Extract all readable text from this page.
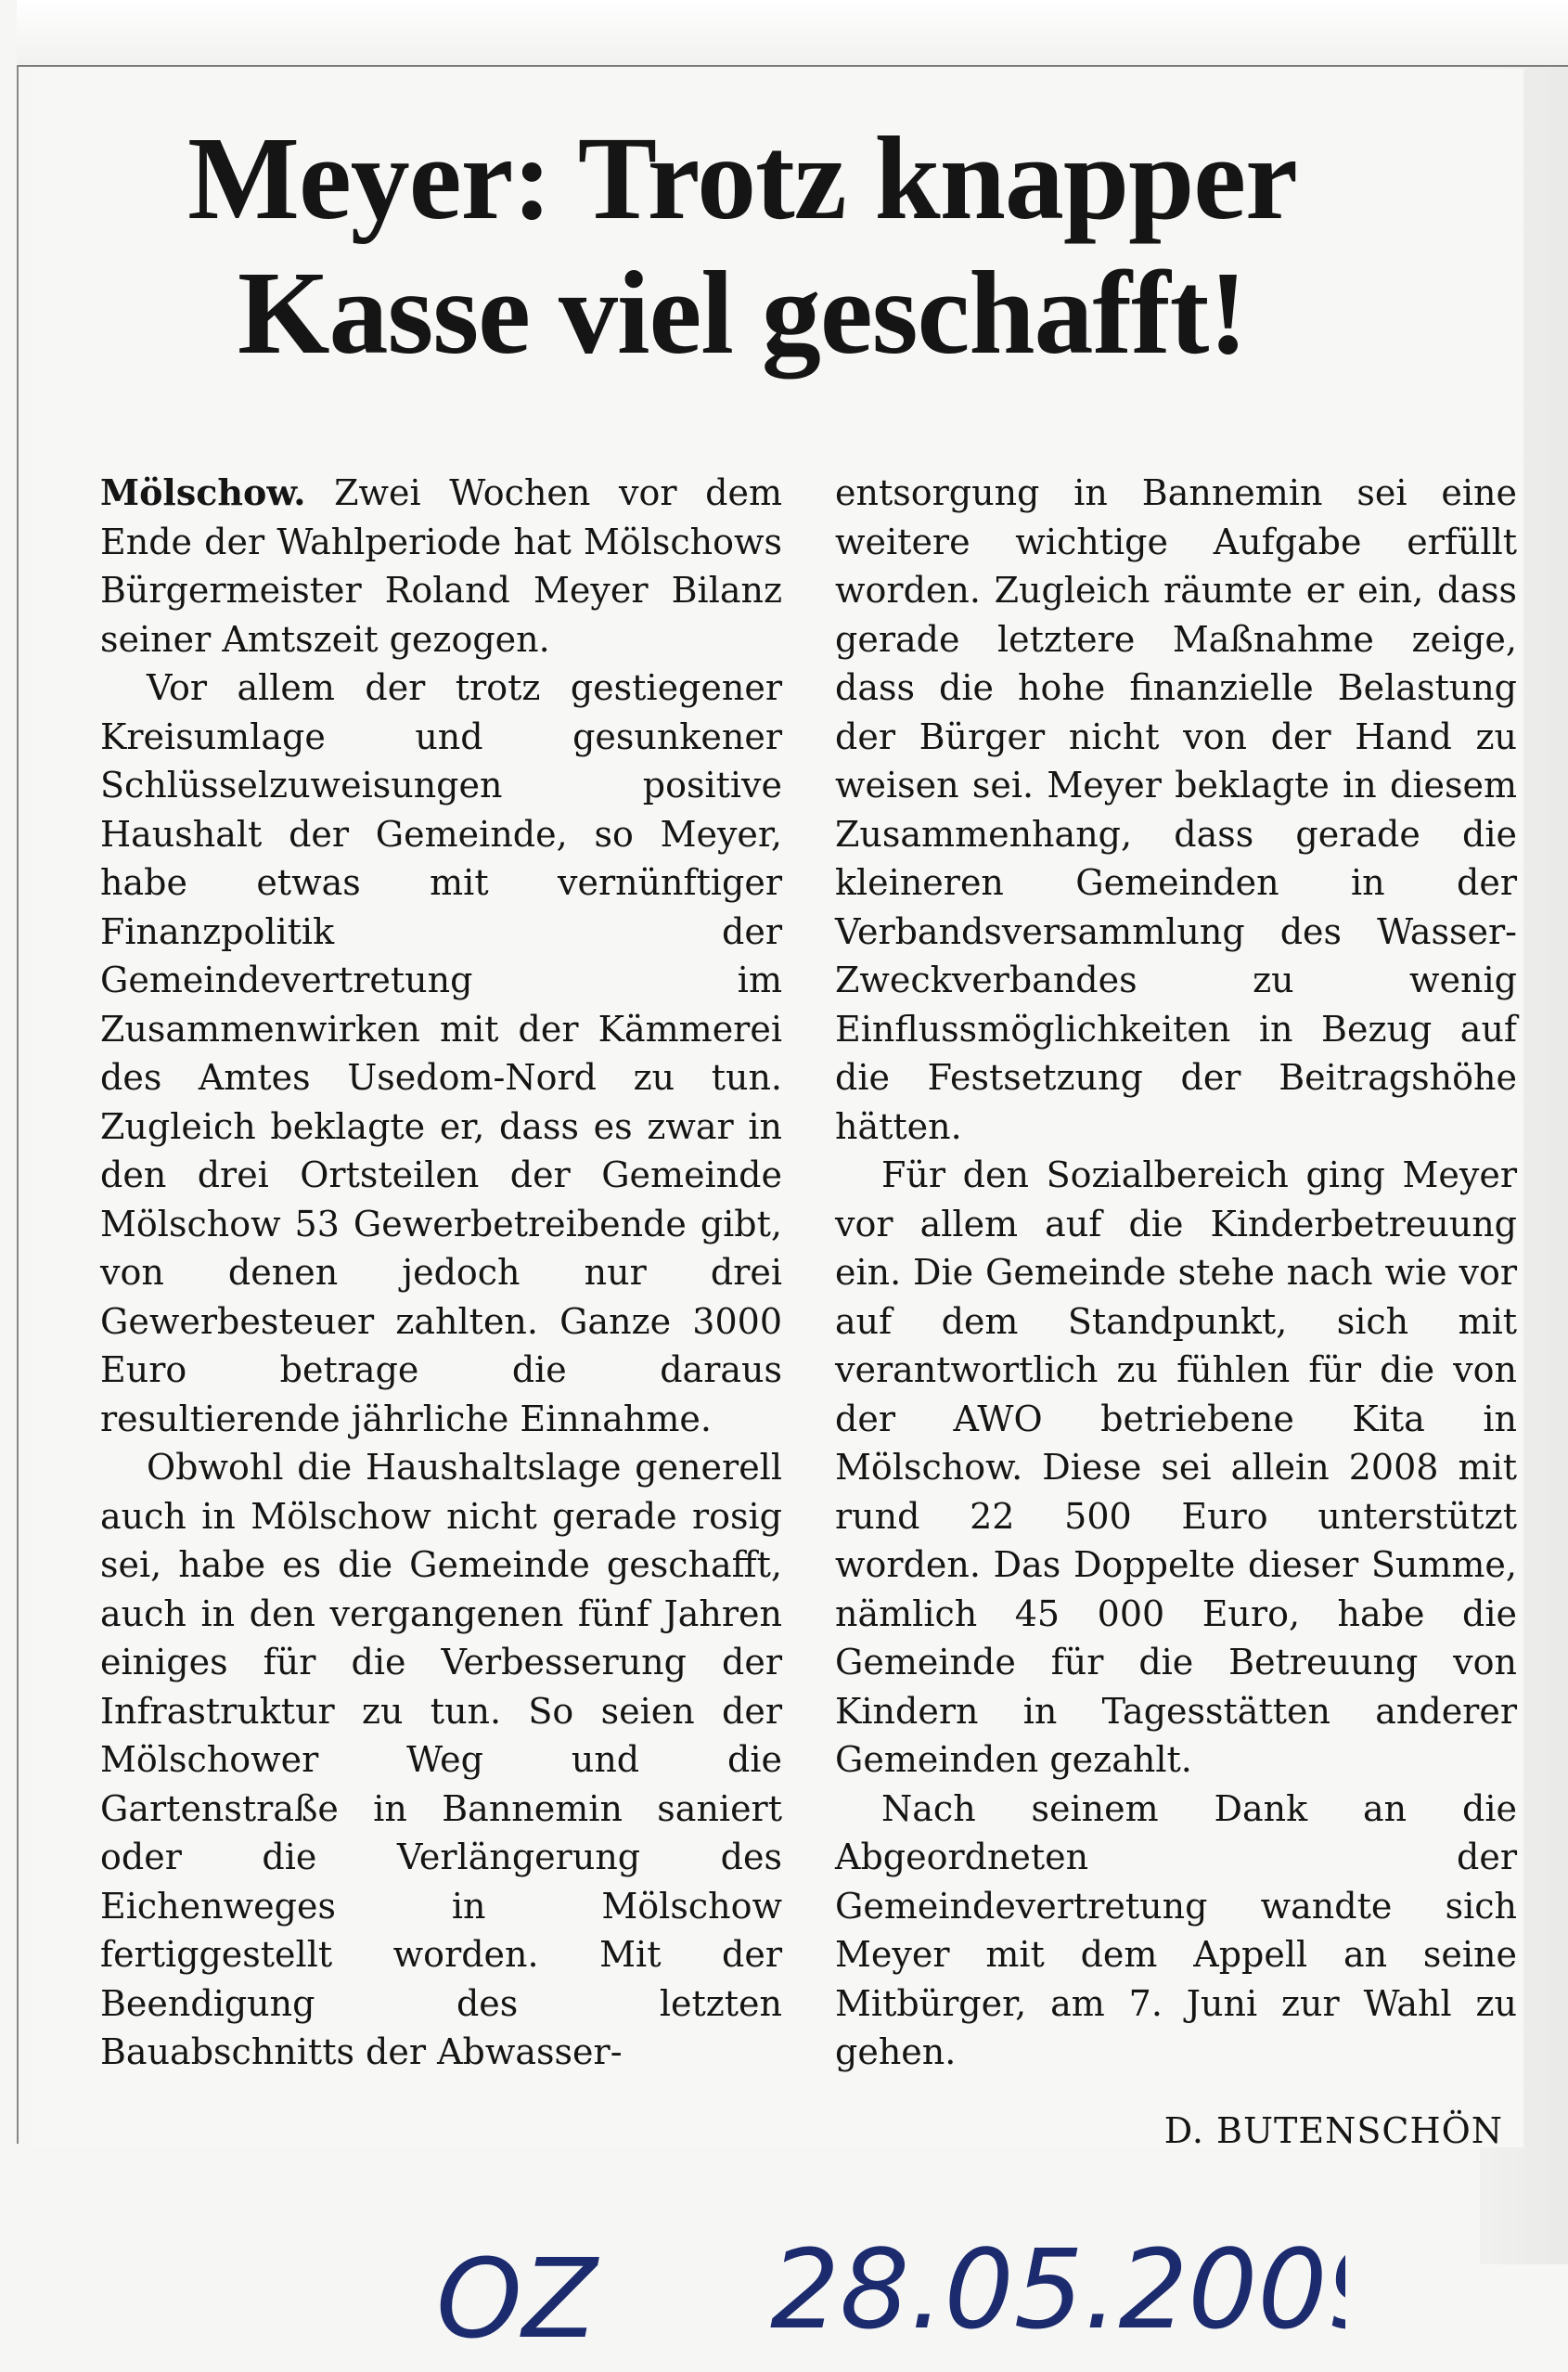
Meyer: Trotz knapper Kasse viel geschafft!

Mölschow. Zwei Wochen vor dem Ende der Wahlperiode hat Mölschows Bürgermeister Roland Meyer Bilanz seiner Amtszeit gezogen.

Vor allem der trotz gestiegener Kreisumlage und gesunkener Schlüsselzuweisungen positive Haushalt der Gemeinde, so Meyer, habe etwas mit vernünftiger Finanzpolitik der Gemeindevertretung im Zusammenwirken mit der Kämmerei des Amtes Usedom-Nord zu tun. Zugleich beklagte er, dass es zwar in den drei Ortsteilen der Gemeinde Mölschow 53 Gewerbetreibende gibt, von denen jedoch nur drei Gewerbesteuer zahlten. Ganze 3000 Euro betrage die daraus resultierende jährliche Einnahme.

Obwohl die Haushaltslage generell auch in Mölschow nicht gerade rosig sei, habe es die Gemeinde geschafft, auch in den vergangenen fünf Jahren einiges für die Verbesserung der Infrastruktur zu tun. So seien der Mölschower Weg und die Gartenstraße in Bannemin saniert oder die Verlängerung des Eichenweges in Mölschow fertiggestellt worden. Mit der Beendigung des letzten Bauabschnitts der Abwasser-

entsorgung in Bannemin sei eine weitere wichtige Aufgabe erfüllt worden. Zugleich räumte er ein, dass gerade letztere Maßnahme zeige, dass die hohe finanzielle Belastung der Bürger nicht von der Hand zu weisen sei. Meyer beklagte in diesem Zusammenhang, dass gerade die kleineren Gemeinden in der Verbandsversammlung des Wasser-Zweckverbandes zu wenig Einflussmöglichkeiten in Bezug auf die Festsetzung der Beitragshöhe hätten.

Für den Sozialbereich ging Meyer vor allem auf die Kinderbetreuung ein. Die Gemeinde stehe nach wie vor auf dem Standpunkt, sich mit verantwortlich zu fühlen für die von der AWO betriebene Kita in Mölschow. Diese sei allein 2008 mit rund 22 500 Euro unterstützt worden. Das Doppelte dieser Summe, nämlich 45 000 Euro, habe die Gemeinde für die Betreuung von Kindern in Tagesstätten anderer Gemeinden gezahlt.

Nach seinem Dank an die Abgeordneten der Gemeindevertretung wandte sich Meyer mit dem Appell an seine Mitbürger, am 7. Juni zur Wahl zu gehen.

D. BUTENSCHÖN
OZ 28.05.2009
